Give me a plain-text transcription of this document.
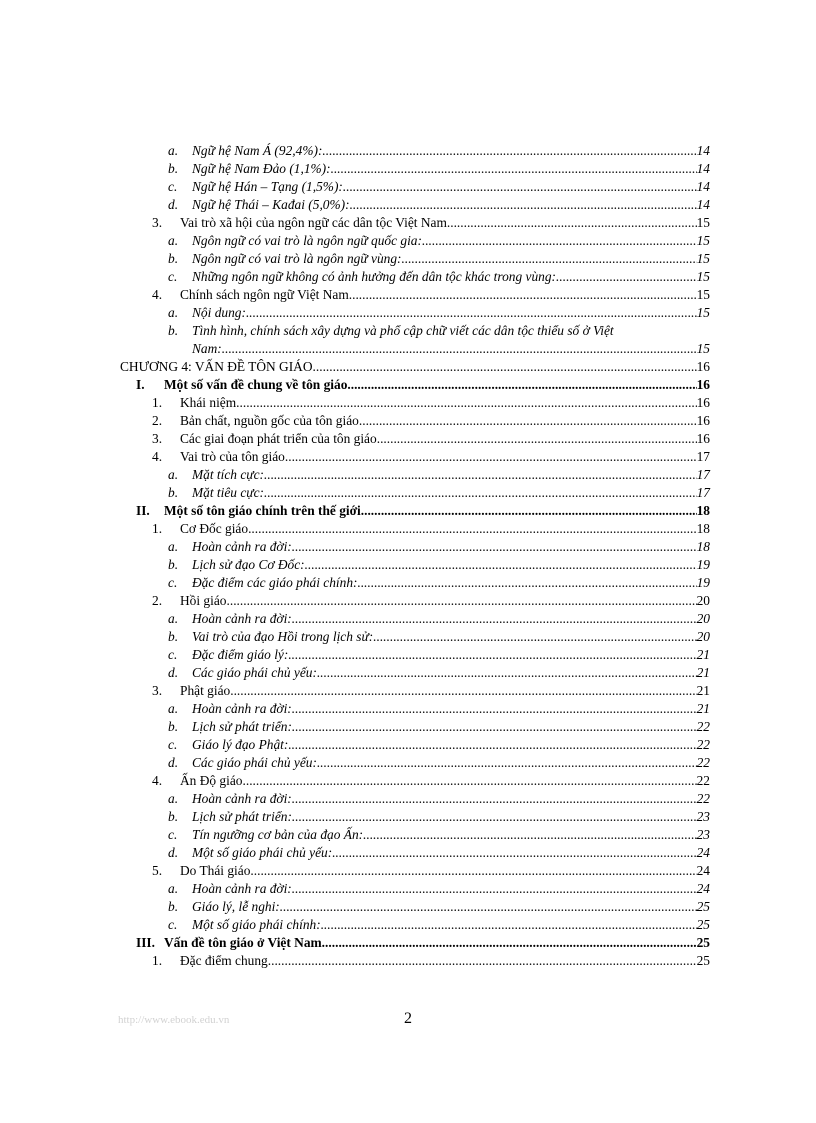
a.	Ngữ hệ Nam Á (92,4%): .....	14
b.	Ngữ hệ Nam Đảo (1,1%): .....	14
c.	Ngữ hệ Hán – Tạng (1,5%): .....	14
d.	Ngữ hệ Thái – Kađai (5,0%): .....	14
3.	Vai trò xã hội của ngôn ngữ các dân tộc Việt Nam. .....	15
a.	Ngôn ngữ có vai trò là ngôn ngữ quốc gia: .....	15
b.	Ngôn ngữ có vai trò là ngôn ngữ vùng: .....	15
c.	Những ngôn ngữ không có ảnh hưởng đến dân tộc khác trong vùng: .....	15
4.	Chính sách ngôn ngữ Việt Nam. .....	15
a.	Nội dung: .....	15
b.	Tình hình, chính sách xây dựng và phổ cập chữ viết các dân tộc thiểu số ở Việt
Nam: .....	15
CHƯƠNG 4: VẤN ĐỀ TÔN GIÁO .....	16
I.	Một số vấn đề chung về tôn giáo .....	16
1.	Khái niệm. .....	16
2.	Bản chất, nguồn gốc của tôn giáo. .....	16
3.	Các giai đoạn phát triển của tôn giáo. .....	16
4.	Vai trò của tôn giáo. .....	17
a.	Mặt tích cực: .....	17
b.	Mặt tiêu cực: .....	17
II.	Một số tôn giáo chính trên thế giới. .....	18
1.	Cơ Đốc giáo. .....	18
a.	Hoàn cảnh ra đời: .....	18
b.	Lịch sử đạo Cơ Đốc: .....	19
c.	Đặc điểm các giáo phái chính: .....	19
2.	Hồi giáo. .....	20
a.	Hoàn cảnh ra đời: .....	20
b.	Vai trò của đạo Hồi trong lịch sử: .....	20
c.	Đặc điểm giáo lý: .....	21
d.	Các giáo phái chủ yếu: .....	21
3.	Phật giáo. .....	21
a.	Hoàn cảnh ra đời: .....	21
b.	Lịch sử phát triển: .....	22
c.	Giáo lý đạo Phật: .....	22
d.	Các giáo phái chủ yếu: .....	22
4.	Ấn Độ giáo. .....	22
a.	Hoàn cảnh ra đời: .....	22
b.	Lịch sử phát triển: .....	23
c.	Tín ngưỡng cơ bản của đạo Ấn: .....	23
d.	Một số giáo phái chủ yếu: .....	24
5.	Do Thái giáo. .....	24
a.	Hoàn cảnh ra đời: .....	24
b.	Giáo lý, lễ nghi: .....	25
c.	Một số giáo phái chính: .....	25
III. Vấn đề tôn giáo ở Việt Nam. .....	25
1.	Đặc điểm chung. .....	25
http://www.ebook.edu.vn	2
